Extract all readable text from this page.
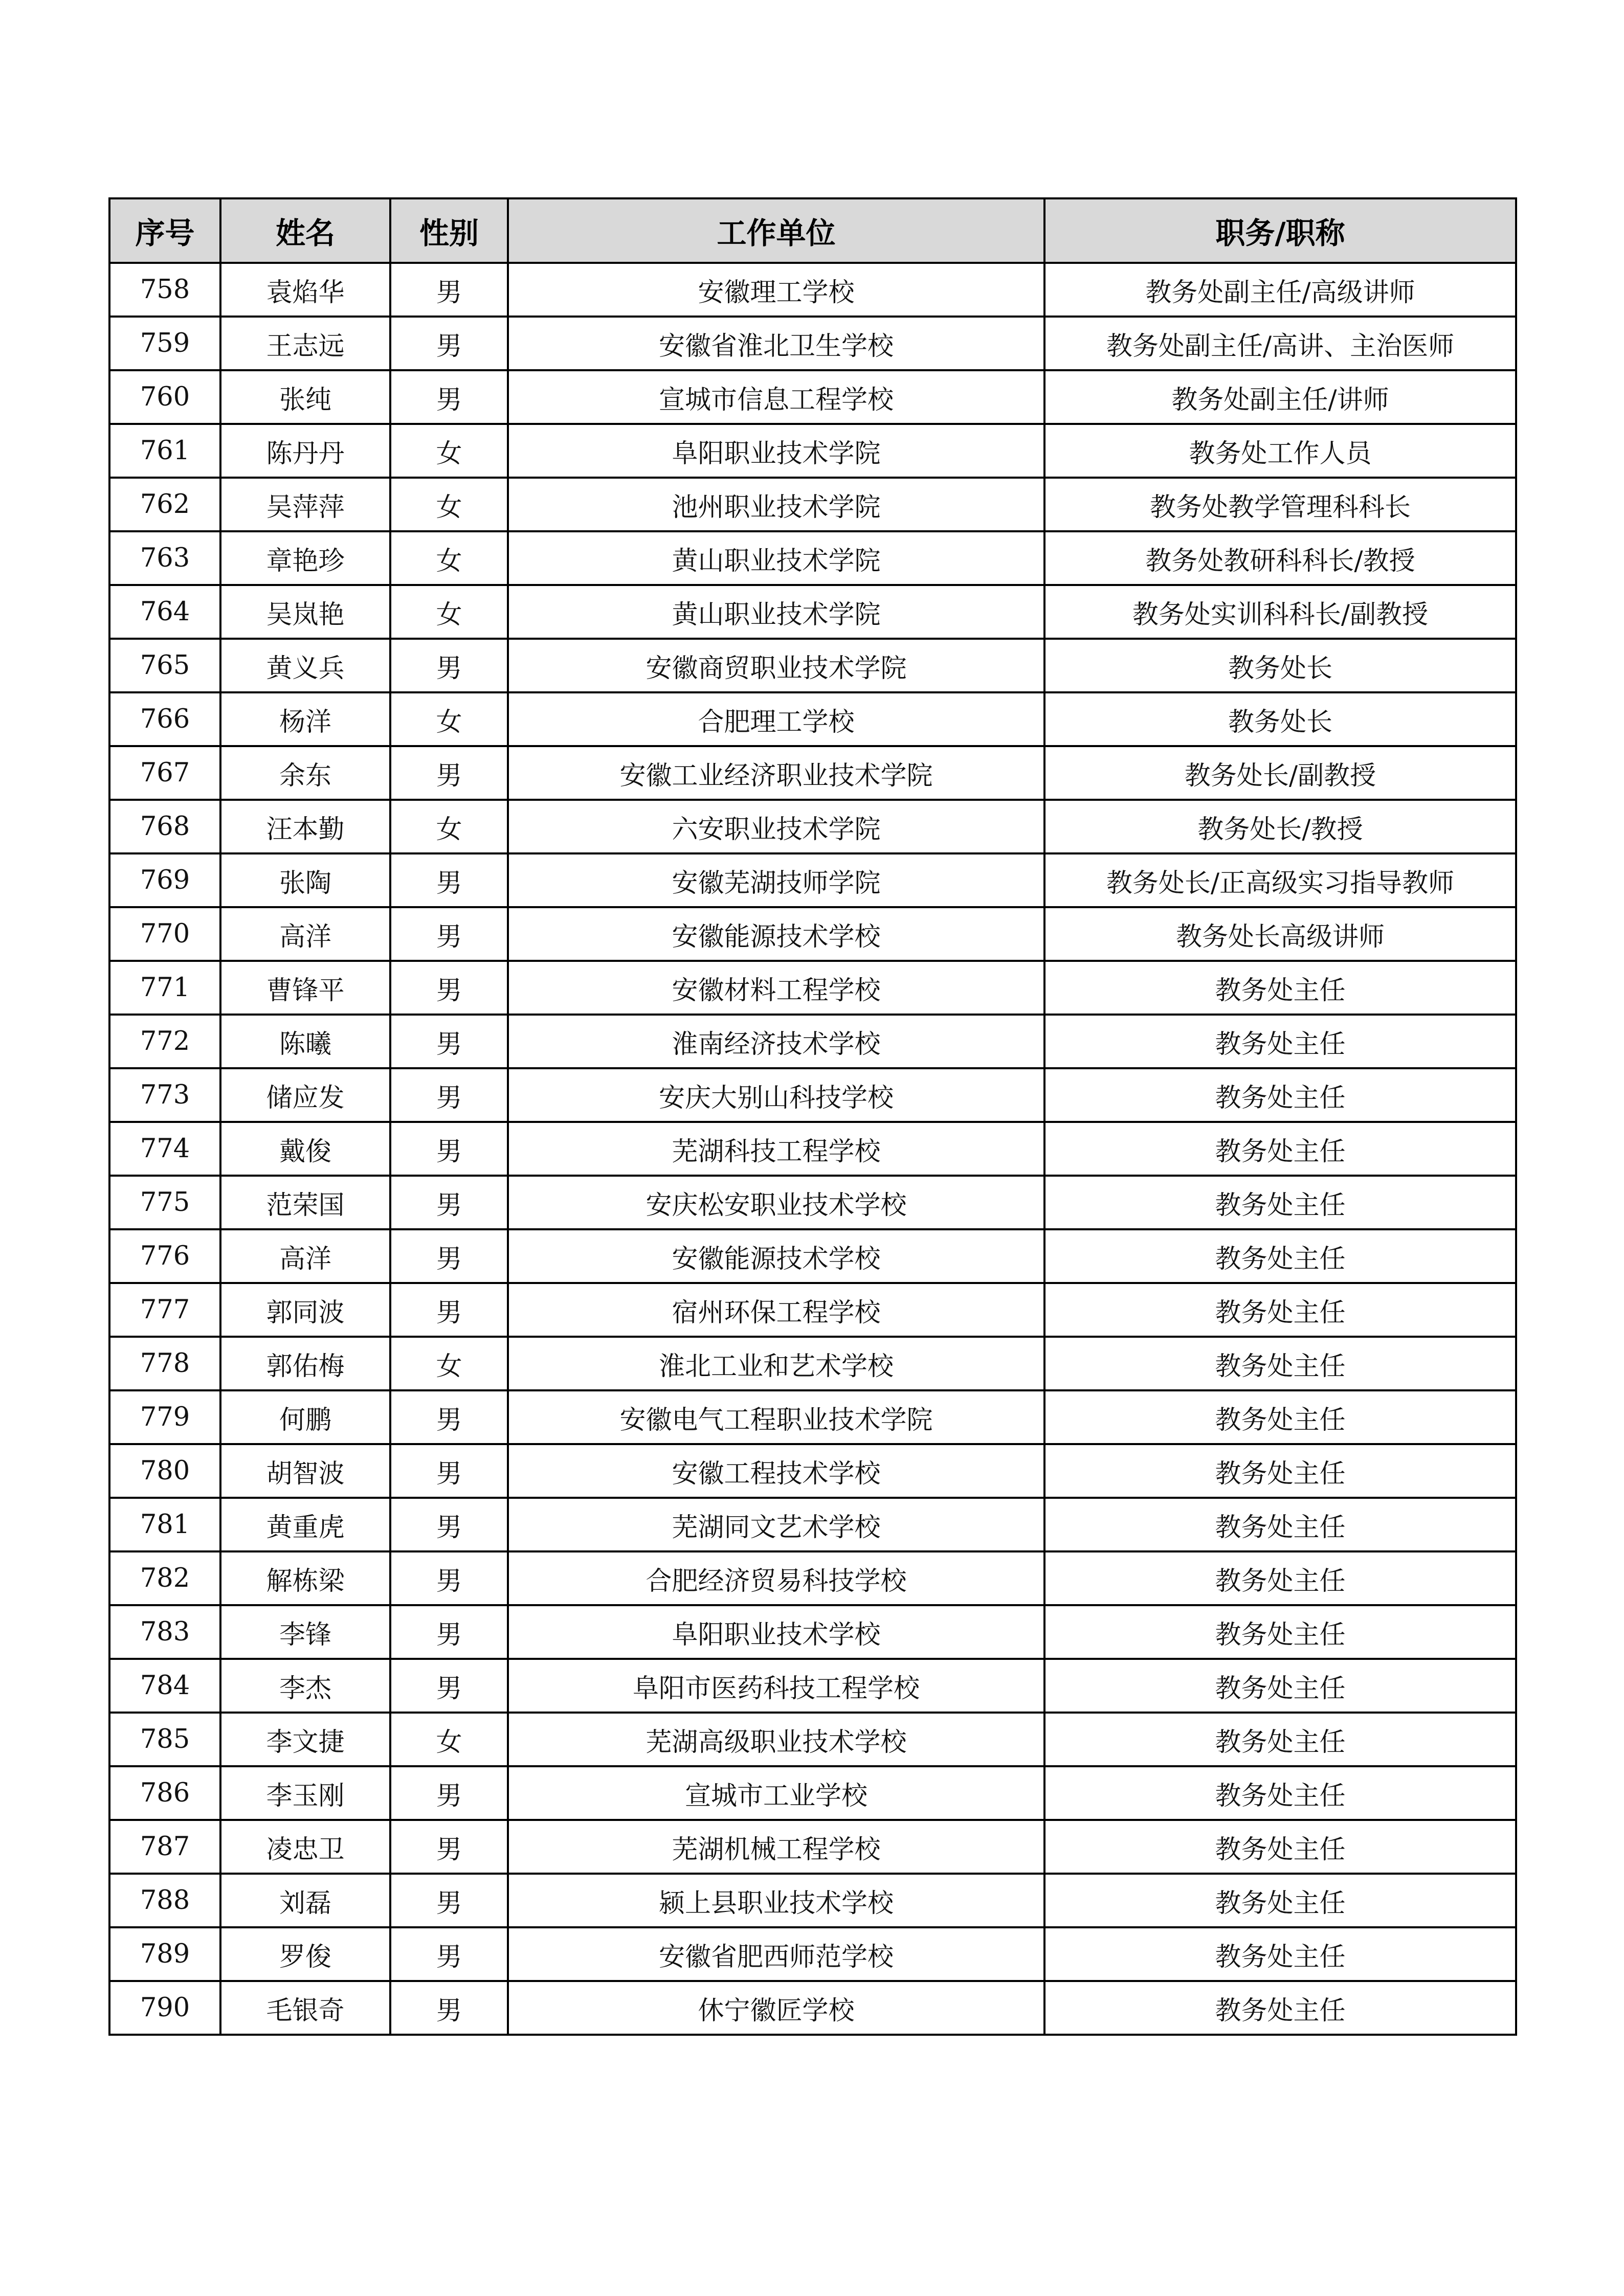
序号	姓名	性别	工作单位	职务/职称
758	袁焰华	男	安徽理工学校	教务处副主任/高级讲师
759	王志远	男	安徽省淮北卫生学校	教务处副主任/高讲、主治医师
760	张纯	男	宣城市信息工程学校	教务处副主任/讲师
761	陈丹丹	女	阜阳职业技术学院	教务处工作人员
762	吴萍萍	女	池州职业技术学院	教务处教学管理科科长
763	章艳珍	女	黄山职业技术学院	教务处教研科科长/教授
764	吴岚艳	女	黄山职业技术学院	教务处实训科科长/副教授
765	黄义兵	男	安徽商贸职业技术学院	教务处长
766	杨洋	女	合肥理工学校	教务处长
767	余东	男	安徽工业经济职业技术学院	教务处长/副教授
768	汪本勤	女	六安职业技术学院	教务处长/教授
769	张陶	男	安徽芜湖技师学院	教务处长/正高级实习指导教师
770	高洋	男	安徽能源技术学校	教务处长高级讲师
771	曹锋平	男	安徽材料工程学校	教务处主任
772	陈曦	男	淮南经济技术学校	教务处主任
773	储应发	男	安庆大别山科技学校	教务处主任
774	戴俊	男	芜湖科技工程学校	教务处主任
775	范荣国	男	安庆松安职业技术学校	教务处主任
776	高洋	男	安徽能源技术学校	教务处主任
777	郭同波	男	宿州环保工程学校	教务处主任
778	郭佑梅	女	淮北工业和艺术学校	教务处主任
779	何鹏	男	安徽电气工程职业技术学院	教务处主任
780	胡智波	男	安徽工程技术学校	教务处主任
781	黄重虎	男	芜湖同文艺术学校	教务处主任
782	解栋梁	男	合肥经济贸易科技学校	教务处主任
783	李锋	男	阜阳职业技术学校	教务处主任
784	李杰	男	阜阳市医药科技工程学校	教务处主任
785	李文捷	女	芜湖高级职业技术学校	教务处主任
786	李玉刚	男	宣城市工业学校	教务处主任
787	凌忠卫	男	芜湖机械工程学校	教务处主任
788	刘磊	男	颍上县职业技术学校	教务处主任
789	罗俊	男	安徽省肥西师范学校	教务处主任
790	毛银奇	男	休宁徽匠学校	教务处主任
